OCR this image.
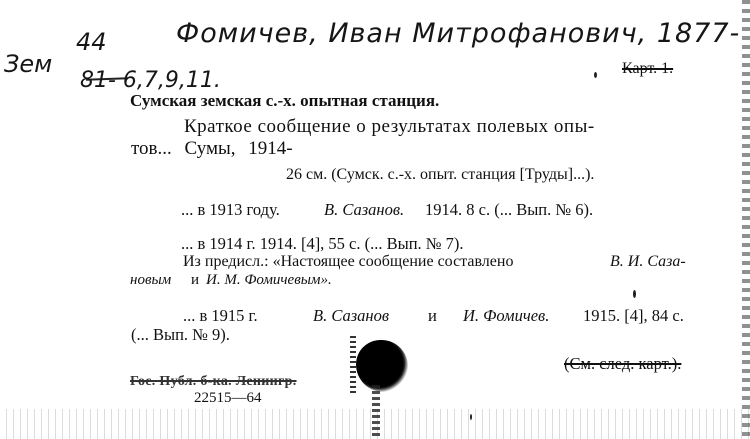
Зем
44
81- 6,7,9,11.
Фомичев, Иван Митрофанович, 1877-
Карт. 1.
Сумская земская с.-х. опытная станция.
Краткое сообщение о результатах полевых опы-
тов... Сумы, 1914-
26 см. (Сумск. с.-х. опыт. станция [Труды]...).
... в 1913 году.	В. Сазанов. 1914. 8 с. (... Вып. № 6).
... в 1914 г. 1914. [4], 55 с. (... Вып. № 7).
Из предисл.: «Настоящее сообщение составлено	В. И. Саза-
новым и И. М. Фомичевым».
... в 1915 г.	В. Сазанов и И. Фомичев. 1915. [4], 84 с.
(... Вып. № 9).
(См. след. карт.).
Гос. Публ. б-ка. Ленингр.
22515—64
